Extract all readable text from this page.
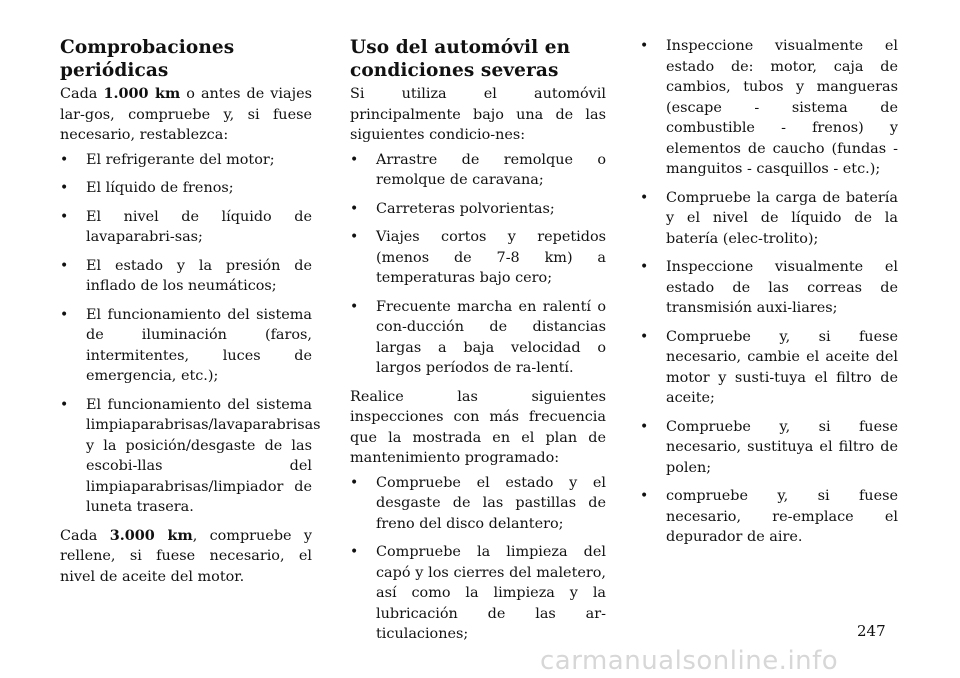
Comprobaciones periódicas

Cada 1.000 km o antes de viajes lar-gos, compruebe y, si fuese necesario, restablezca:

• El refrigerante del motor;
• El líquido de frenos;
• El nivel de líquido de lavaparabri-sas;
• El estado y la presión de inflado de los neumáticos;
• El funcionamiento del sistema de iluminación (faros, intermitentes, luces de emergencia, etc.);
• El funcionamiento del sistema limpiaparabrisas/lavaparabrisas y la posición/desgaste de las escobi-llas del limpiaparabrisas/limpiador de luneta trasera.

Cada 3.000 km, compruebe y rellene, si fuese necesario, el nivel de aceite del motor.

Uso del automóvil en condiciones severas

Si utiliza el automóvil principalmente bajo una de las siguientes condicio-nes:

• Arrastre de remolque o remolque de caravana;
• Carreteras polvorientas;
• Viajes cortos y repetidos (menos de 7-8 km) a temperaturas bajo cero;
• Frecuente marcha en ralentí o con-ducción de distancias largas a baja velocidad o largos períodos de ra-lentí.

Realice las siguientes inspecciones con más frecuencia que la mostrada en el plan de mantenimiento programado:

• Compruebe el estado y el desgaste de las pastillas de freno del disco delantero;
• Compruebe la limpieza del capó y los cierres del maletero, así como la limpieza y la lubricación de las ar-ticulaciones;
• Inspeccione visualmente el estado de: motor, caja de cambios, tubos y mangueras (escape - sistema de combustible - frenos) y elementos de caucho (fundas - manguitos - casquillos - etc.);
• Compruebe la carga de batería y el nivel de líquido de la batería (elec-trolito);
• Inspeccione visualmente el estado de las correas de transmisión auxi-liares;
• Compruebe y, si fuese necesario, cambie el aceite del motor y susti-tuya el filtro de aceite;
• Compruebe y, si fuese necesario, sustituya el filtro de polen;
• compruebe y, si fuese necesario, re-emplace el depurador de aire.
247
carmanualsonline.info
